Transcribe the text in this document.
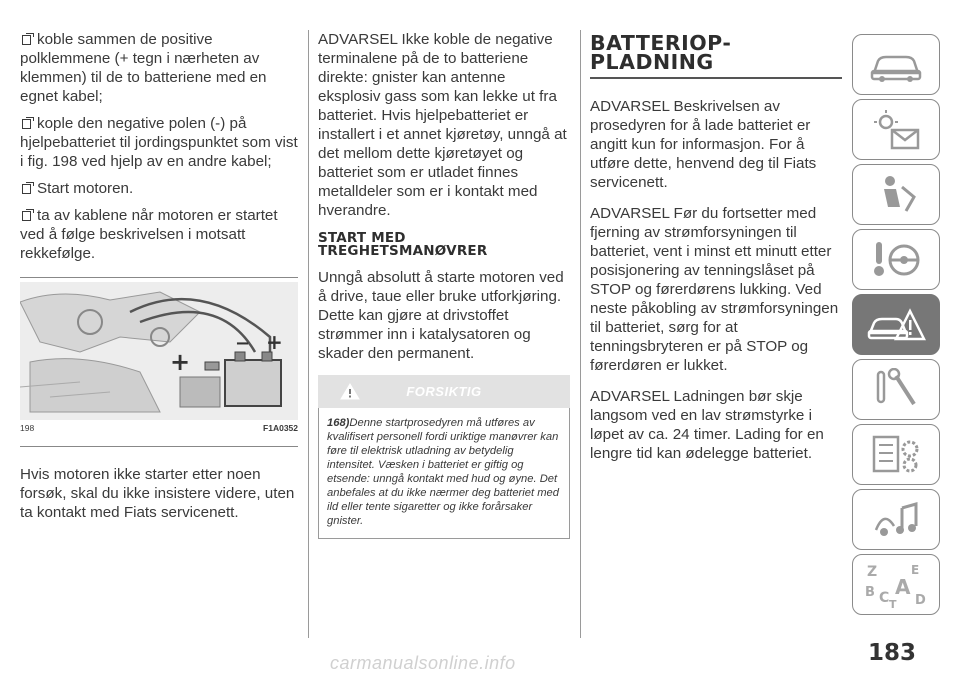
koble sammen de positive polklemmene (+ tegn i nærheten av klemmen) til de to batteriene med en egnet kabel;

kople den negative polen (-) på hjelpebatteriet til jordingspunktet som vist i fig. 198 ved hjelp av en andre kabel;

Start motoren.

ta av kablene når motoren er startet ved å følge beskrivelsen i motsatt rekkefølge.

− +
+
198	F1A0352

Hvis motoren ikke starter etter noen forsøk, skal du ikke insistere videre, uten ta kontakt med Fiats servicenett.

ADVARSEL Ikke koble de negative terminalene på de to batteriene direkte: gnister kan antenne eksplosiv gass som kan lekke ut fra batteriet. Hvis hjelpebatteriet er installert i et annet kjøretøy, unngå at det mellom dette kjøretøyet og batteriet som er utladet finnes metalldeler som er i kontakt med hverandre.

START MED TREGHETSMANØVRER

Unngå absolutt å starte motoren ved å drive, taue eller bruke utforkjøring. Dette kan gjøre at drivstoffet strømmer inn i katalysatoren og skader den permanent.

FORSIKTIG
168)Denne startprosedyren må utføres av kvalifisert personell fordi uriktige manøvrer kan føre til elektrisk utladning av betydelig intensitet. Væsken i batteriet er giftig og etsende: unngå kontakt med hud og øyne. Det anbefales at du ikke nærmer deg batteriet med ild eller tente sigaretter og ikke forårsaker gnister.
BATTERIOP-
PLADNING

ADVARSEL Beskrivelsen av prosedyren for å lade batteriet er angitt kun for informasjon. For å utføre dette, henvend deg til Fiats servicenett.

ADVARSEL Før du fortsetter med fjerning av strømforsyningen til batteriet, vent i minst ett minutt etter posisjonering av tenningslåset på STOP og førerdørens lukking. Ved neste påkobling av strømforsyningen til batteriet, sørg for at tenningsbryteren er på STOP og førerdøren er lukket.

ADVARSEL Ladningen bør skje langsom ved en lav strømstyrke i løpet av ca. 24 timer. Lading for en lengre tid kan ødelegge batteriet.

Z	E
B A
C T D
183
carmanualsonline.info
